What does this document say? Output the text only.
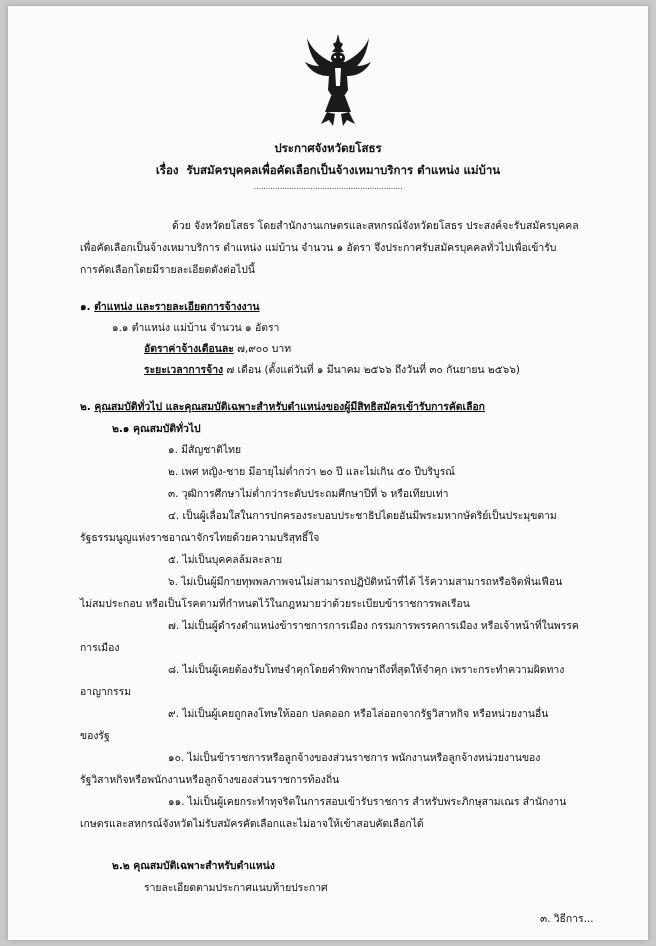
ประกาศจังหวัดยโสธร
เรื่อง รับสมัครบุคคลเพื่อคัดเลือกเป็นจ้างเหมาบริการ ตำแหน่ง แม่บ้าน
...............................................................
ด้วย จังหวัดยโสธร โดยสำนักงานเกษตรและสหกรณ์จังหวัดยโสธร ประสงค์จะรับสมัครบุคคล
เพื่อคัดเลือกเป็นจ้างเหมาบริการ ตำแหน่ง แม่บ้าน จำนวน ๑ อัตรา จึงประกาศรับสมัครบุคคลทั่วไปเพื่อเข้ารับ
การคัดเลือกโดยมีรายละเอียดดังต่อไปนี้
๑. ตำแหน่ง และรายละเอียดการจ้างงาน
๑.๑ ตำแหน่ง แม่บ้าน จำนวน ๑ อัตรา
อัตราค่าจ้างเดือนละ ๗,๙๐๐ บาท
ระยะเวลาการจ้าง ๗ เดือน (ตั้งแต่วันที่ ๑ มีนาคม ๒๕๖๖ ถึงวันที่ ๓๐ กันยายน ๒๕๖๖)
๒. คุณสมบัติทั่วไป และคุณสมบัติเฉพาะสำหรับตำแหน่งของผู้มีสิทธิสมัครเข้ารับการคัดเลือก
๒.๑ คุณสมบัติทั่วไป
๑. มีสัญชาติไทย
๒. เพศ หญิง-ชาย มีอายุไม่ต่ำกว่า ๒๐ ปี และไม่เกิน ๕๐ ปีบริบูรณ์
๓. วุฒิการศึกษาไม่ต่ำกว่าระดับประถมศึกษาปีที่ ๖ หรือเทียบเท่า
๔. เป็นผู้เลื่อมใสในการปกครองระบอบประชาธิปไตยอันมีพระมหากษัตริย์เป็นประมุขตาม
รัฐธรรมนูญแห่งราชอาณาจักรไทยด้วยความบริสุทธิ์ใจ
๕. ไม่เป็นบุคคลล้มละลาย
๖. ไม่เป็นผู้มีกายทุพพลภาพจนไม่สามารถปฏิบัติหน้าที่ได้ ไร้ความสามารถหรือจิตฟั่นเฟือน
ไม่สมประกอบ หรือเป็นโรคตามที่กำหนดไว้ในกฎหมายว่าด้วยระเบียบข้าราชการพลเรือน
๗. ไม่เป็นผู้ดำรงตำแหน่งข้าราชการการเมือง กรรมการพรรคการเมือง หรือเจ้าหน้าที่ในพรรค
การเมือง
๘. ไม่เป็นผู้เคยต้องรับโทษจำคุกโดยคำพิพากษาถึงที่สุดให้จำคุก เพราะกระทำความผิดทาง
อาญากรรม
๙. ไม่เป็นผู้เคยถูกลงโทษให้ออก ปลดออก หรือไล่ออกจากรัฐวิสาหกิจ หรือหน่วยงานอื่น
ของรัฐ
๑๐. ไม่เป็นข้าราชการหรือลูกจ้างของส่วนราชการ พนักงานหรือลูกจ้างหน่วยงานของ
รัฐวิสาหกิจหรือพนักงานหรือลูกจ้างของส่วนราชการท้องถิ่น
๑๑. ไม่เป็นผู้เคยกระทำทุจริตในการสอบเข้ารับราชการ สำหรับพระภิกษุสามเณร สำนักงาน
เกษตรและสหกรณ์จังหวัดไม่รับสมัครคัดเลือกและไม่อาจให้เข้าสอบคัดเลือกได้
๒.๒ คุณสมบัติเฉพาะสำหรับตำแหน่ง
รายละเอียดตามประกาศแนบท้ายประกาศ
๓. วิธีการ...
